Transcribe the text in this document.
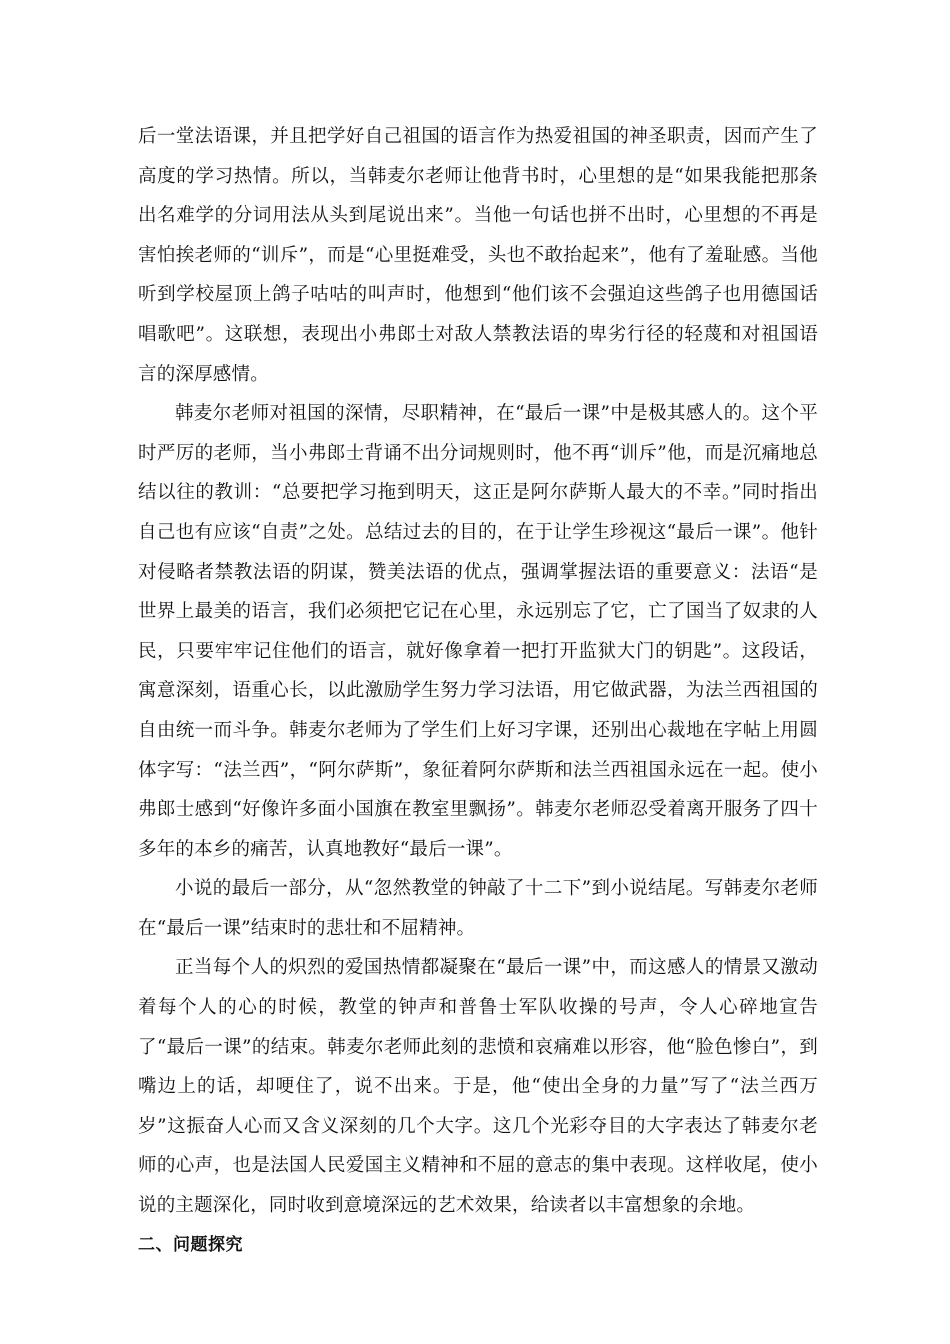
后一堂法语课，并且把学好自己祖国的语言作为热爱祖国的神圣职责，因而产生了高度的学习热情。所以，当韩麦尔老师让他背书时，心里想的是“如果我能把那条出名难学的分词用法从头到尾说出来”。当他一句话也拼不出时，心里想的不再是害怕挨老师的“训斥”，而是“心里挺难受，头也不敢抬起来”，他有了羞耻感。当他听到学校屋顶上鸽子咕咕的叫声时，他想到“他们该不会强迫这些鸽子也用德国话唱歌吧”。这联想，表现出小弗郎士对敌人禁教法语的卑劣行径的轻蔑和对祖国语言的深厚感情。

韩麦尔老师对祖国的深情，尽职精神，在“最后一课”中是极其感人的。这个平时严厉的老师，当小弗郎士背诵不出分词规则时，他不再“训斥”他，而是沉痛地总结以往的教训：“总要把学习拖到明天，这正是阿尔萨斯人最大的不幸。”同时指出自己也有应该“自责”之处。总结过去的目的，在于让学生珍视这“最后一课”。他针对侵略者禁教法语的阴谋，赞美法语的优点，强调掌握法语的重要意义：法语“是世界上最美的语言，我们必须把它记在心里，永远别忘了它，亡了国当了奴隶的人民，只要牢牢记住他们的语言，就好像拿着一把打开监狱大门的钥匙”。这段话，寓意深刻，语重心长，以此激励学生努力学习法语，用它做武器，为法兰西祖国的自由统一而斗争。韩麦尔老师为了学生们上好习字课，还别出心裁地在字帖上用圆体字写：“法兰西”，“阿尔萨斯”，象征着阿尔萨斯和法兰西祖国永远在一起。使小弗郎士感到“好像许多面小国旗在教室里飘扬”。韩麦尔老师忍受着离开服务了四十多年的本乡的痛苦，认真地教好“最后一课”。

小说的最后一部分，从“忽然教堂的钟敲了十二下”到小说结尾。写韩麦尔老师在“最后一课”结束时的悲壮和不屈精神。

正当每个人的炽烈的爱国热情都凝聚在“最后一课”中，而这感人的情景又激动着每个人的心的时候，教堂的钟声和普鲁士军队收操的号声，令人心碎地宣告了“最后一课”的结束。韩麦尔老师此刻的悲愤和哀痛难以形容，他“脸色惨白”，到嘴边上的话，却哽住了，说不出来。于是，他“使出全身的力量”写了“法兰西万岁”这振奋人心而又含义深刻的几个大字。这几个光彩夺目的大字表达了韩麦尔老师的心声，也是法国人民爱国主义精神和不屈的意志的集中表现。这样收尾，使小说的主题深化，同时收到意境深远的艺术效果，给读者以丰富想象的余地。

二、问题探究
